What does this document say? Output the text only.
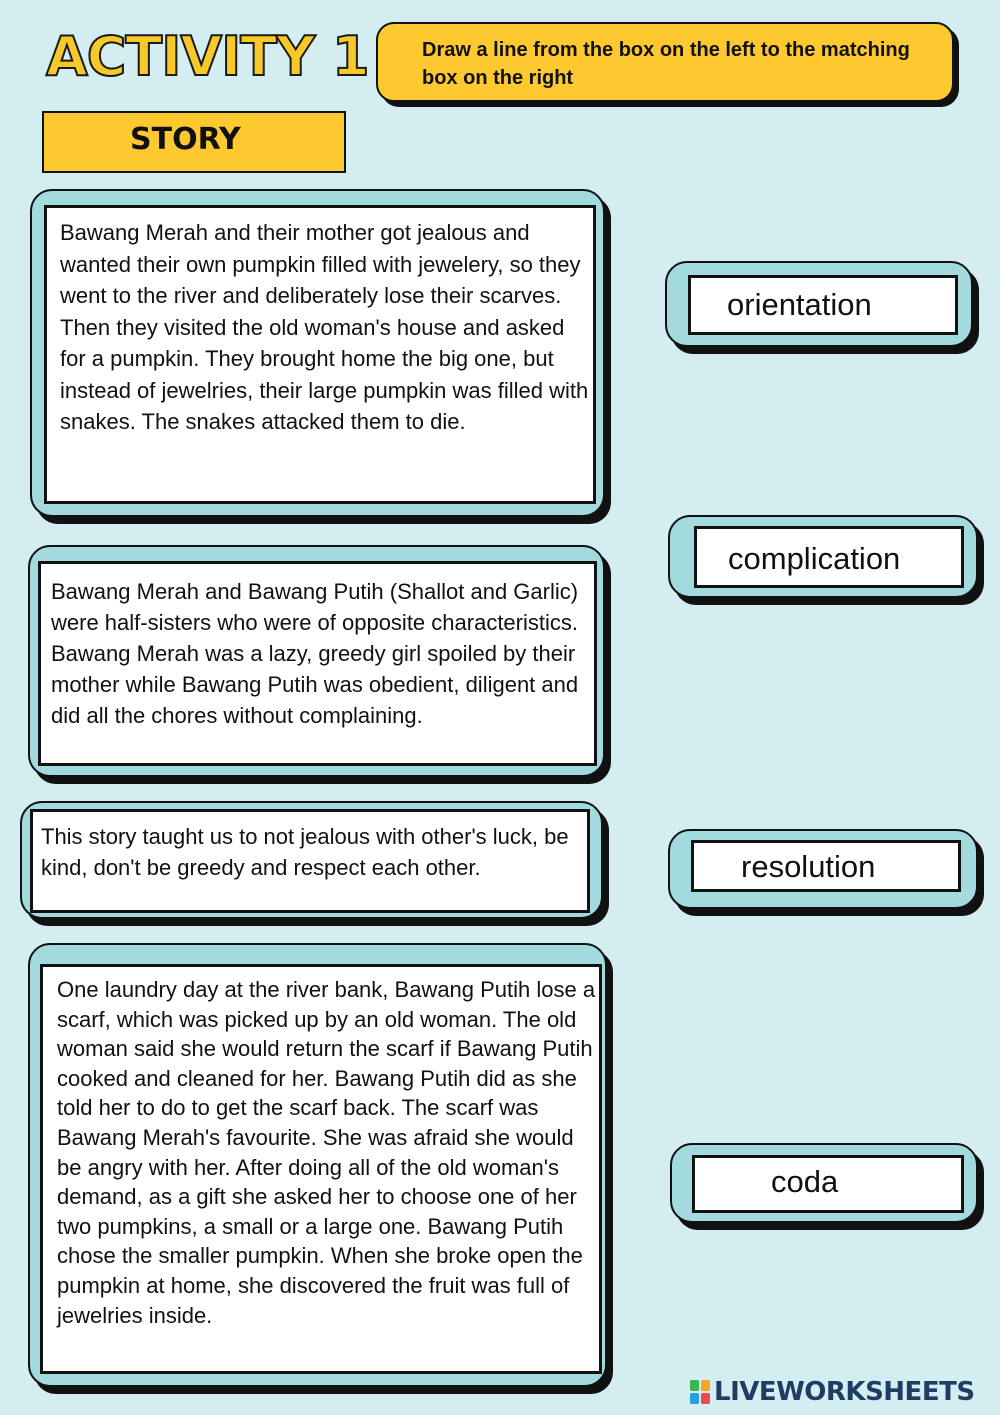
ACTIVITY 1	Draw a line from the box on the left to the matching box on the right
STORY

Bawang Merah and their mother got jealous and wanted their own pumpkin filled with jewelery, so they went to the river and deliberately lose their scarves. Then they visited the old woman's house and asked for a pumpkin. They brought home the big one, but instead of jewelries, their large pumpkin was filled with snakes. The snakes attacked them to die.

Bawang Merah and Bawang Putih (Shallot and Garlic) were half-sisters who were of opposite characteristics. Bawang Merah was a lazy, greedy girl spoiled by their mother while Bawang Putih was obedient, diligent and did all the chores without complaining.

This story taught us to not jealous with other's luck, be kind, don't be greedy and respect each other.

One laundry day at the river bank, Bawang Putih lose a scarf, which was picked up by an old woman. The old woman said she would return the scarf if Bawang Putih cooked and cleaned for her. Bawang Putih did as she told her to do to get the scarf back. The scarf was Bawang Merah's favourite. She was afraid she would be angry with her. After doing all of the old woman's demand, as a gift she asked her to choose one of her two pumpkins, a small or a large one. Bawang Putih chose the smaller pumpkin. When she broke open the pumpkin at home, she discovered the fruit was full of jewelries inside.

orientation
complication
resolution
coda
LIVEWORKSHEETS
